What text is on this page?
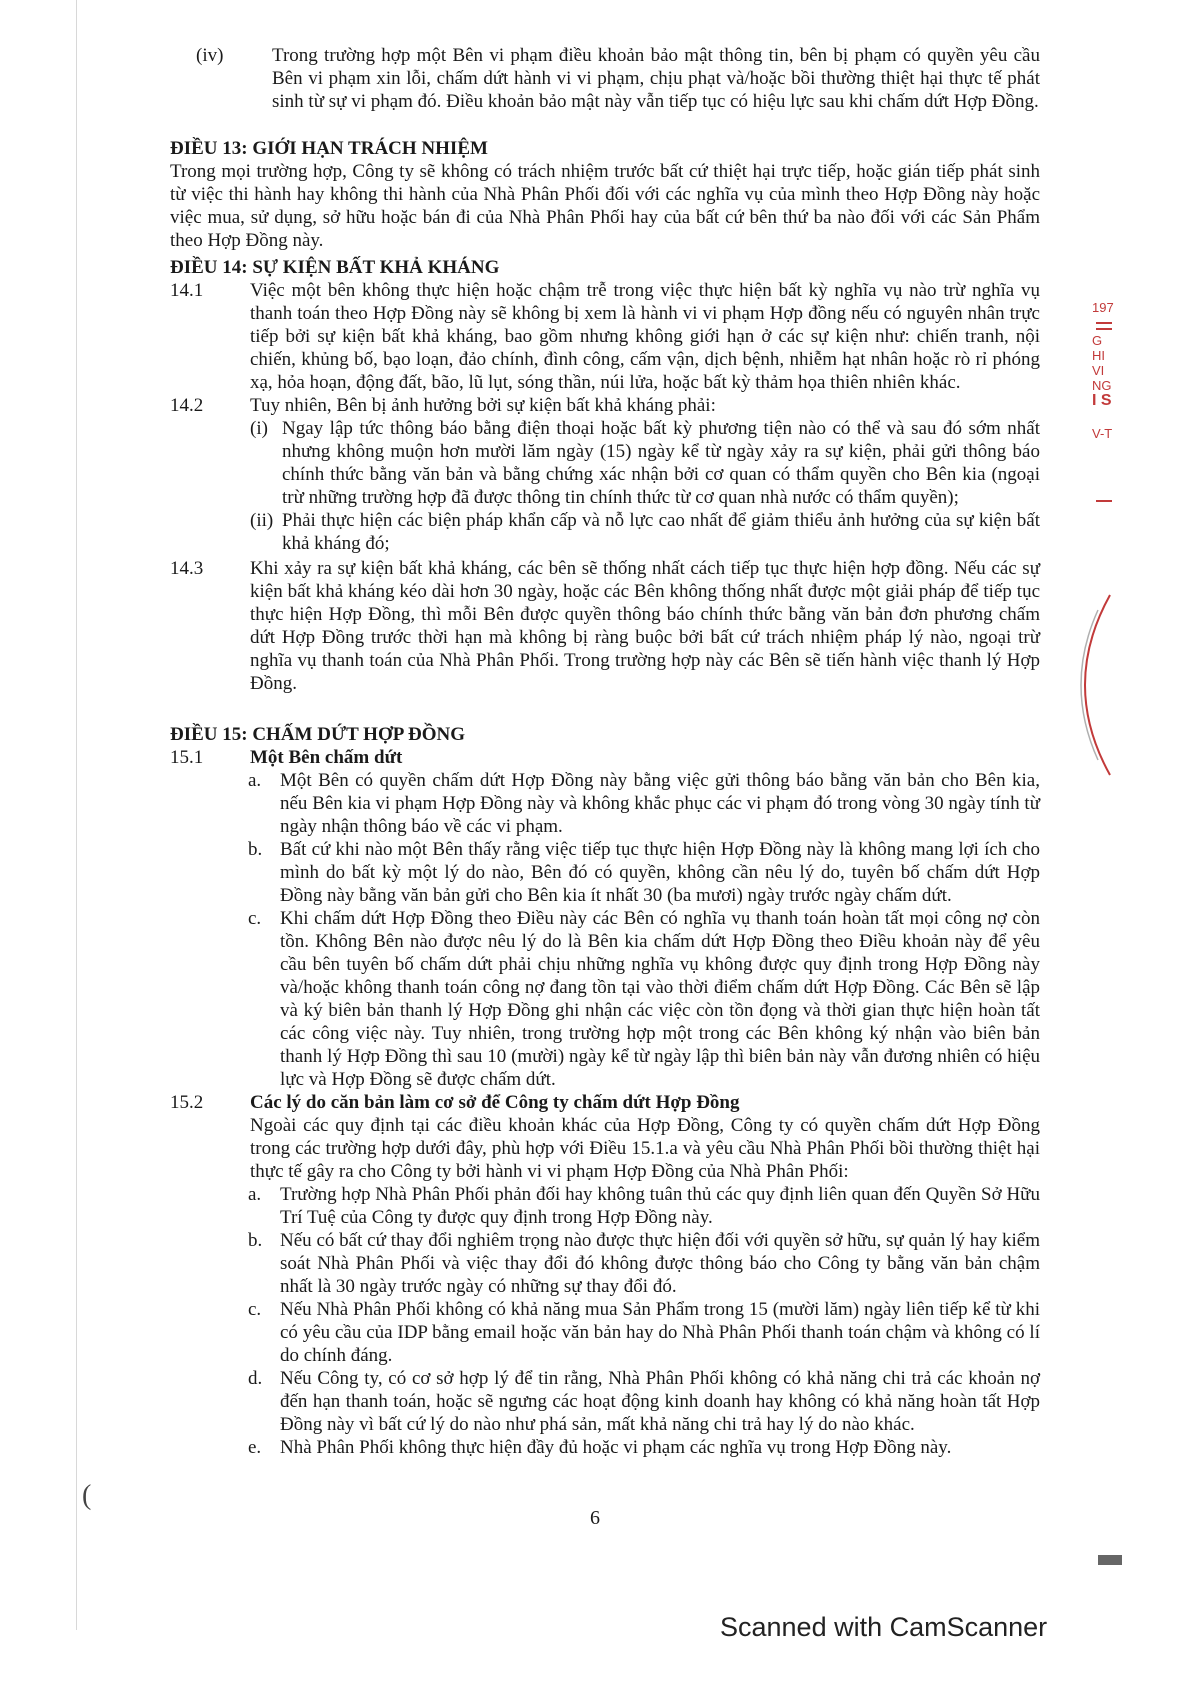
(iv)	Trong trường hợp một Bên vi phạm điều khoản bảo mật thông tin, bên bị phạm có quyền yêu cầu Bên vi phạm xin lỗi, chấm dứt hành vi vi phạm, chịu phạt và/hoặc bồi thường thiệt hại thực tế phát sinh từ sự vi phạm đó. Điều khoản bảo mật này vẫn tiếp tục có hiệu lực sau khi chấm dứt Hợp Đồng.
ĐIỀU 13: GIỚI HẠN TRÁCH NHIỆM
Trong mọi trường hợp, Công ty sẽ không có trách nhiệm trước bất cứ thiệt hại trực tiếp, hoặc gián tiếp phát sinh từ việc thi hành hay không thi hành của Nhà Phân Phối đối với các nghĩa vụ của mình theo Hợp Đồng này hoặc việc mua, sử dụng, sở hữu hoặc bán đi của Nhà Phân Phối hay của bất cứ bên thứ ba nào đối với các Sản Phẩm theo Hợp Đồng này.
ĐIỀU 14: SỰ KIỆN BẤT KHẢ KHÁNG
14.1	Việc một bên không thực hiện hoặc chậm trễ trong việc thực hiện bất kỳ nghĩa vụ nào trừ nghĩa vụ thanh toán theo Hợp Đồng này sẽ không bị xem là hành vi vi phạm Hợp đồng nếu có nguyên nhân trực tiếp bởi sự kiện bất khả kháng, bao gồm nhưng không giới hạn ở các sự kiện như: chiến tranh, nội chiến, khủng bố, bạo loạn, đảo chính, đình công, cấm vận, dịch bệnh, nhiễm hạt nhân hoặc rò rỉ phóng xạ, hỏa hoạn, động đất, bão, lũ lụt, sóng thần, núi lửa, hoặc bất kỳ thảm họa thiên nhiên khác.
14.2	Tuy nhiên, Bên bị ảnh hưởng bởi sự kiện bất khả kháng phải:
(i) Ngay lập tức thông báo bằng điện thoại hoặc bất kỳ phương tiện nào có thể và sau đó sớm nhất nhưng không muộn hơn mười lăm ngày (15) ngày kể từ ngày xảy ra sự kiện, phải gửi thông báo chính thức bằng văn bản và bằng chứng xác nhận bởi cơ quan có thẩm quyền cho Bên kia (ngoại trừ những trường hợp đã được thông tin chính thức từ cơ quan nhà nước có thẩm quyền);
(ii) Phải thực hiện các biện pháp khẩn cấp và nỗ lực cao nhất để giảm thiểu ảnh hưởng của sự kiện bất khả kháng đó;
14.3	Khi xảy ra sự kiện bất khả kháng, các bên sẽ thống nhất cách tiếp tục thực hiện hợp đồng. Nếu các sự kiện bất khả kháng kéo dài hơn 30 ngày, hoặc các Bên không thống nhất được một giải pháp để tiếp tục thực hiện Hợp Đồng, thì mỗi Bên được quyền thông báo chính thức bằng văn bản đơn phương chấm dứt Hợp Đồng trước thời hạn mà không bị ràng buộc bởi bất cứ trách nhiệm pháp lý nào, ngoại trừ nghĩa vụ thanh toán của Nhà Phân Phối. Trong trường hợp này các Bên sẽ tiến hành việc thanh lý Hợp Đồng.
ĐIỀU 15: CHẤM DỨT HỢP ĐỒNG
15.1	Một Bên chấm dứt
a. Một Bên có quyền chấm dứt Hợp Đồng này bằng việc gửi thông báo bằng văn bản cho Bên kia, nếu Bên kia vi phạm Hợp Đồng này và không khắc phục các vi phạm đó trong vòng 30 ngày tính từ ngày nhận thông báo về các vi phạm.
b. Bất cứ khi nào một Bên thấy rằng việc tiếp tục thực hiện Hợp Đồng này là không mang lợi ích cho mình do bất kỳ một lý do nào, Bên đó có quyền, không cần nêu lý do, tuyên bố chấm dứt Hợp Đồng này bằng văn bản gửi cho Bên kia ít nhất 30 (ba mươi) ngày trước ngày chấm dứt.
c. Khi chấm dứt Hợp Đồng theo Điều này các Bên có nghĩa vụ thanh toán hoàn tất mọi công nợ còn tồn. Không Bên nào được nêu lý do là Bên kia chấm dứt Hợp Đồng theo Điều khoản này để yêu cầu bên tuyên bố chấm dứt phải chịu những nghĩa vụ không được quy định trong Hợp Đồng này và/hoặc không thanh toán công nợ đang tồn tại vào thời điểm chấm dứt Hợp Đồng. Các Bên sẽ lập và ký biên bản thanh lý Hợp Đồng ghi nhận các việc còn tồn đọng và thời gian thực hiện hoàn tất các công việc này. Tuy nhiên, trong trường hợp một trong các Bên không ký nhận vào biên bản thanh lý Hợp Đồng thì sau 10 (mười) ngày kể từ ngày lập thì biên bản này vẫn đương nhiên có hiệu lực và Hợp Đồng sẽ được chấm dứt.
15.2	Các lý do căn bản làm cơ sở để Công ty chấm dứt Hợp Đồng
Ngoài các quy định tại các điều khoản khác của Hợp Đồng, Công ty có quyền chấm dứt Hợp Đồng trong các trường hợp dưới đây, phù hợp với Điều 15.1.a và yêu cầu Nhà Phân Phối bồi thường thiệt hại thực tế gây ra cho Công ty bởi hành vi vi phạm Hợp Đồng của Nhà Phân Phối:
a. Trường hợp Nhà Phân Phối phản đối hay không tuân thủ các quy định liên quan đến Quyền Sở Hữu Trí Tuệ của Công ty được quy định trong Hợp Đồng này.
b. Nếu có bất cứ thay đổi nghiêm trọng nào được thực hiện đối với quyền sở hữu, sự quản lý hay kiểm soát Nhà Phân Phối và việc thay đổi đó không được thông báo cho Công ty bằng văn bản chậm nhất là 30 ngày trước ngày có những sự thay đổi đó.
c. Nếu Nhà Phân Phối không có khả năng mua Sản Phẩm trong 15 (mười lăm) ngày liên tiếp kể từ khi có yêu cầu của IDP bằng email hoặc văn bản hay do Nhà Phân Phối thanh toán chậm và không có lí do chính đáng.
d. Nếu Công ty, có cơ sở hợp lý để tin rằng, Nhà Phân Phối không có khả năng chi trả các khoản nợ đến hạn thanh toán, hoặc sẽ ngưng các hoạt động kinh doanh hay không có khả năng hoàn tất Hợp Đồng này vì bất cứ lý do nào như phá sản, mất khả năng chi trả hay lý do nào khác.
e. Nhà Phân Phối không thực hiện đầy đủ hoặc vi phạm các nghĩa vụ trong Hợp Đồng này.
6
197
G
HI
VI
NG
I S
V-T
(
Scanned with CamScanner
